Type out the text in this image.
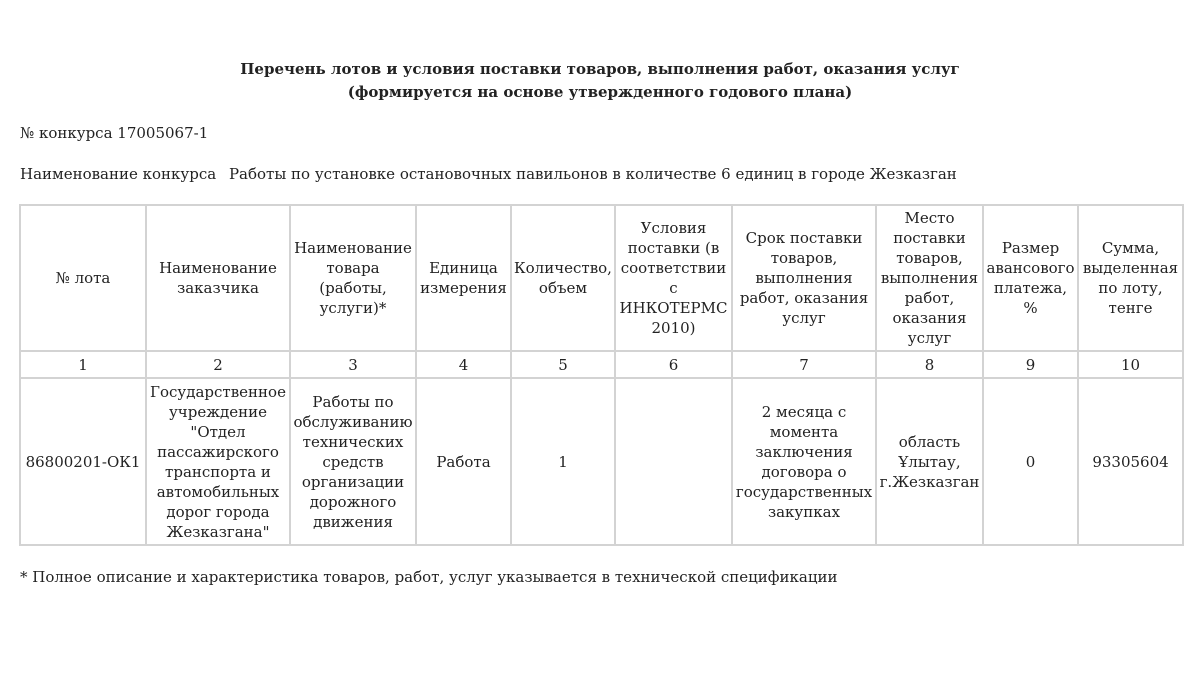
Перечень лотов и условия поставки товаров, выполнения работ, оказания услуг
(формируется на основе утвержденного годового плана)
№ конкурса 17005067-1
Наименование конкурса Работы по установке остановочных павильонов в количестве 6 единиц в городе Жезказган
№ лота	Наименование заказчика	Наименование товара (работы, услуги)*	Единица измерения	Количество, объем	Условия поставки (в соответствии с ИНКОТЕРМС 2010)	Срок поставки товаров, выполнения работ, оказания услуг	Место поставки товаров, выполнения работ, оказания услуг	Размер авансового платежа, %	Сумма, выделенная по лоту, тенге
1	2	3	4	5	6	7	8	9	10
86800201-ОК1	Государственное учреждение "Отдел пассажирского транспорта и автомобильных дорог города Жезказгана"	Работы по обслуживанию технических средств организации дорожного движения	Работа	1		2 месяца с момента заключения договора о государственных закупках	область Ұлытау, г.Жезказган	0	93305604
* Полное описание и характеристика товаров, работ, услуг указывается в технической спецификации
